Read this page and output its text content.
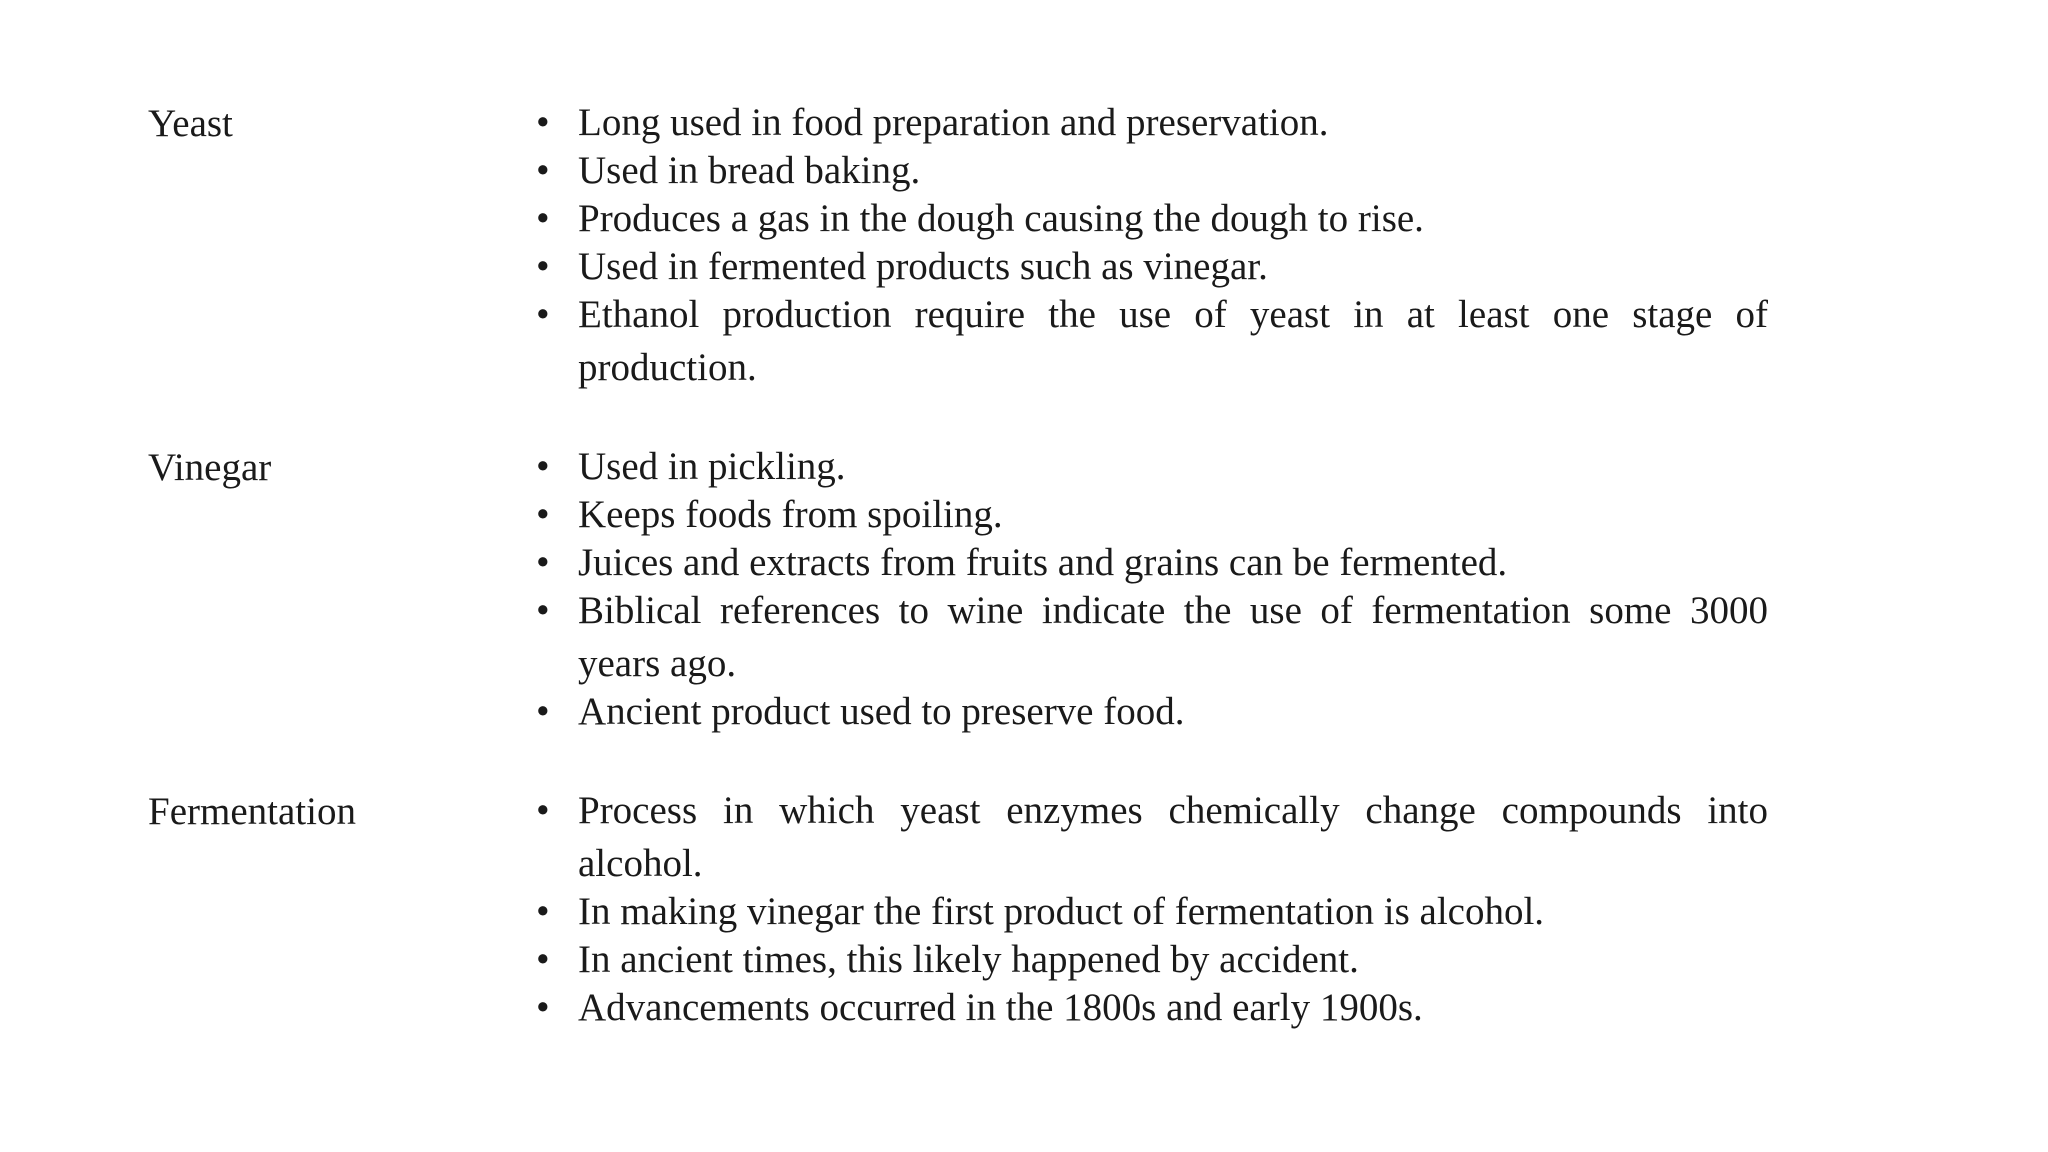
Yeast	• Long used in food preparation and preservation.
• Used in bread baking.
• Produces a gas in the dough causing the dough to rise.
• Used in fermented products such as vinegar.
• Ethanol production require the use of yeast in at least one stage of production.
Vinegar	• Used in pickling.
• Keeps foods from spoiling.
• Juices and extracts from fruits and grains can be fermented.
• Biblical references to wine indicate the use of fermentation some 3000 years ago.
• Ancient product used to preserve food.
Fermentation	• Process in which yeast enzymes chemically change compounds into alcohol.
• In making vinegar the first product of fermentation is alcohol.
• In ancient times, this likely happened by accident.
• Advancements occurred in the 1800s and early 1900s.
